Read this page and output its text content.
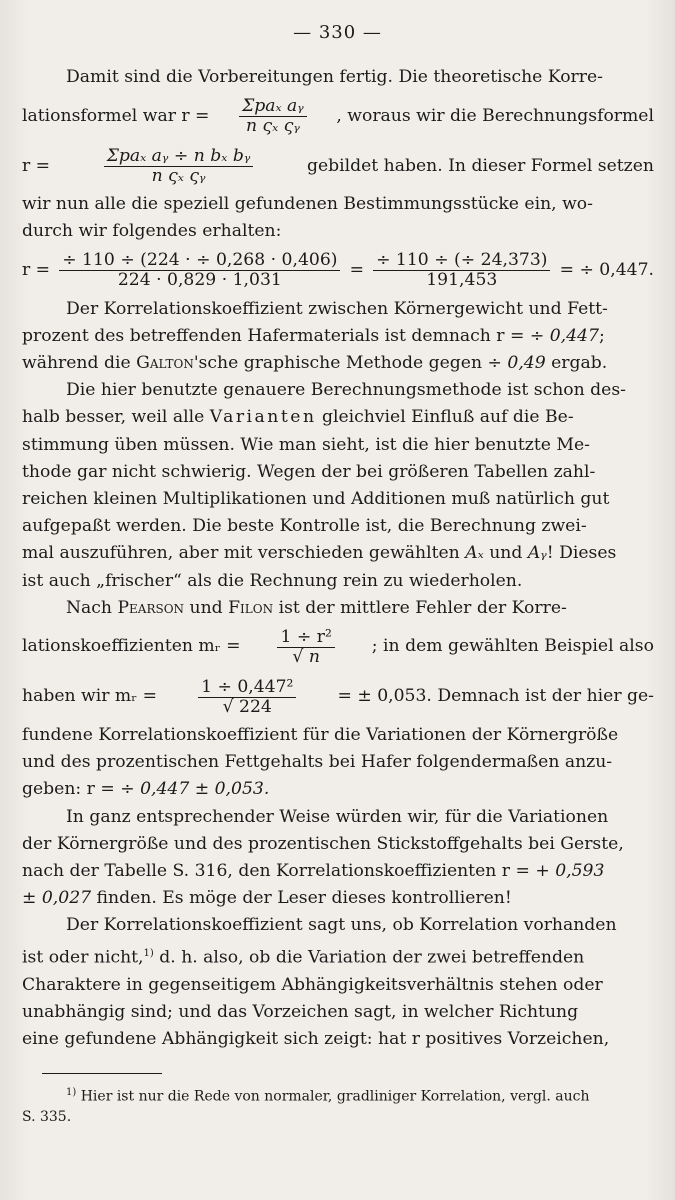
— 330 —

Damit sind die Vorbereitungen fertig. Die theoretische Korre-

lationsformel war $r = \frac{\text{Σpaₓ aᵧ}}{\text{n ςₓ ςᵧ}}$ , woraus wir die Berechnungsformel
r =	$\frac{\text{Σpaₓ aᵧ ÷ n bₓ bᵧ}}{\text{n ςₓ ςᵧ}}$	gebildet haben. In dieser Formel setzen

wir nun alle die speziell gefundenen Bestimmungsstücke ein, wo-

durch wir folgendes erhalten:

$r = \frac{\div 110 \div (224 \cdot \div 0,268 \cdot 0,406)}{224 \cdot 0,829 \cdot 1,031} = \frac{\div 110 \div (\div 24,373)}{191,453}$ = ÷ 0,447.

Der Korrelationskoeffizient zwischen Körnergewicht und Fett-

prozent des betreffenden Hafermaterials ist demnach r = ÷ 0,447;

während die Galton'sche graphische Methode gegen ÷ 0,49 ergab.

Die hier benutzte genauere Berechnungsmethode ist schon des-

halb besser, weil alle Varianten gleichviel Einfluß auf die Be-

stimmung üben müssen. Wie man sieht, ist die hier benutzte Me-

thode gar nicht schwierig. Wegen der bei größeren Tabellen zahl-

reichen kleinen Multiplikationen und Additionen muß natürlich gut

aufgepaßt werden. Die beste Kontrolle ist, die Berechnung zwei-

mal auszuführen, aber mit verschieden gewählten Aₓ und Aᵧ! Dieses

ist auch „frischer“ als die Rechnung rein zu wiederholen.

Nach Pearson und Filon ist der mittlere Fehler der Korre-

lationskoeffizienten mᵣ = $\frac{\text{1 ÷ r²}}{√ n}$ ; in dem gewählten Beispiel also
haben wir mᵣ = $\frac{\text{1 ÷ 0,447²}}{√ 224}$ = ± 0,053. Demnach ist der hier ge-

fundene Korrelationskoeffizient für die Variationen der Körnergröße

und des prozentischen Fettgehalts bei Hafer folgendermaßen anzu-

geben: r = ÷ 0,447 ± 0,053.

In ganz entsprechender Weise würden wir, für die Variationen

der Körnergröße und des prozentischen Stickstoffgehalts bei Gerste,

nach der Tabelle S. 316, den Korrelationskoeffizienten r = + 0,593

± 0,027 finden. Es möge der Leser dieses kontrollieren!

Der Korrelationskoeffizient sagt uns, ob Korrelation vorhanden

ist oder nicht,$^{1)}$ d. h. also, ob die Variation der zwei betreffenden

Charaktere in gegenseitigem Abhängigkeitsverhältnis stehen oder

unabhängig sind; und das Vorzeichen sagt, in welcher Richtung

eine gefundene Abhängigkeit sich zeigt: hat r positives Vorzeichen,

$^{1)}$ Hier ist nur die Rede von normaler, gradliniger Korrelation, vergl. auch
S. 335.
